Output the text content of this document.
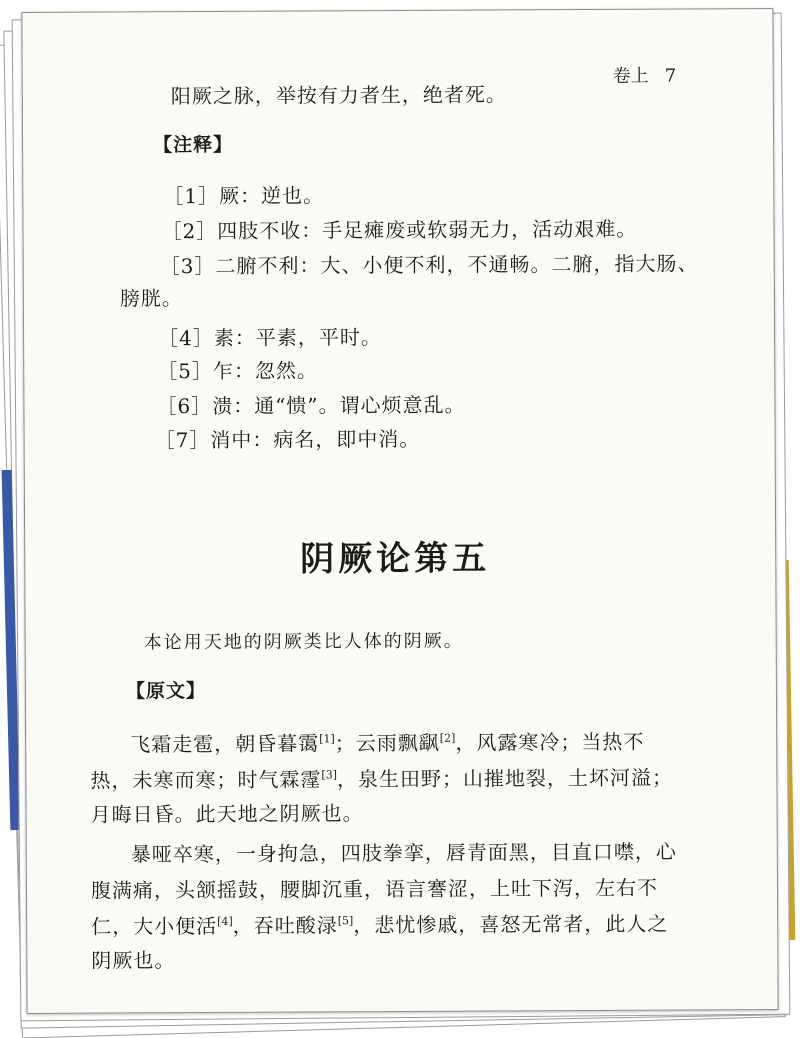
卷上 7
阳厥之脉，举按有力者生，绝者死。
【注释】
［1］厥：逆也。
［2］四肢不收：手足瘫废或软弱无力，活动艰难。
［3］二腑不利：大、小便不利，不通畅。二腑，指大肠、
膀胱。
［4］素：平素，平时。
［5］乍：忽然。
［6］溃：通“愦”。谓心烦意乱。
［7］消中：病名，即中消。
阴厥论第五
本论用天地的阴厥类比人体的阴厥。
【原文】
飞霜走雹，朝昏暮霭[1]；云雨飘飖[2]，风露寒冷；当热不
热，未寒而寒；时气霖霪[3]，泉生田野；山摧地裂，土坏河溢；
月晦日昏。此天地之阴厥也。
暴哑卒寒，一身拘急，四肢拳挛，唇青面黑，目直口噤，心
腹满痛，头颔摇鼓，腰脚沉重，语言謇涩，上吐下泻，左右不
仁，大小便活[4]，吞吐酸渌[5]，悲忧惨戚，喜怒无常者，此人之
阴厥也。
